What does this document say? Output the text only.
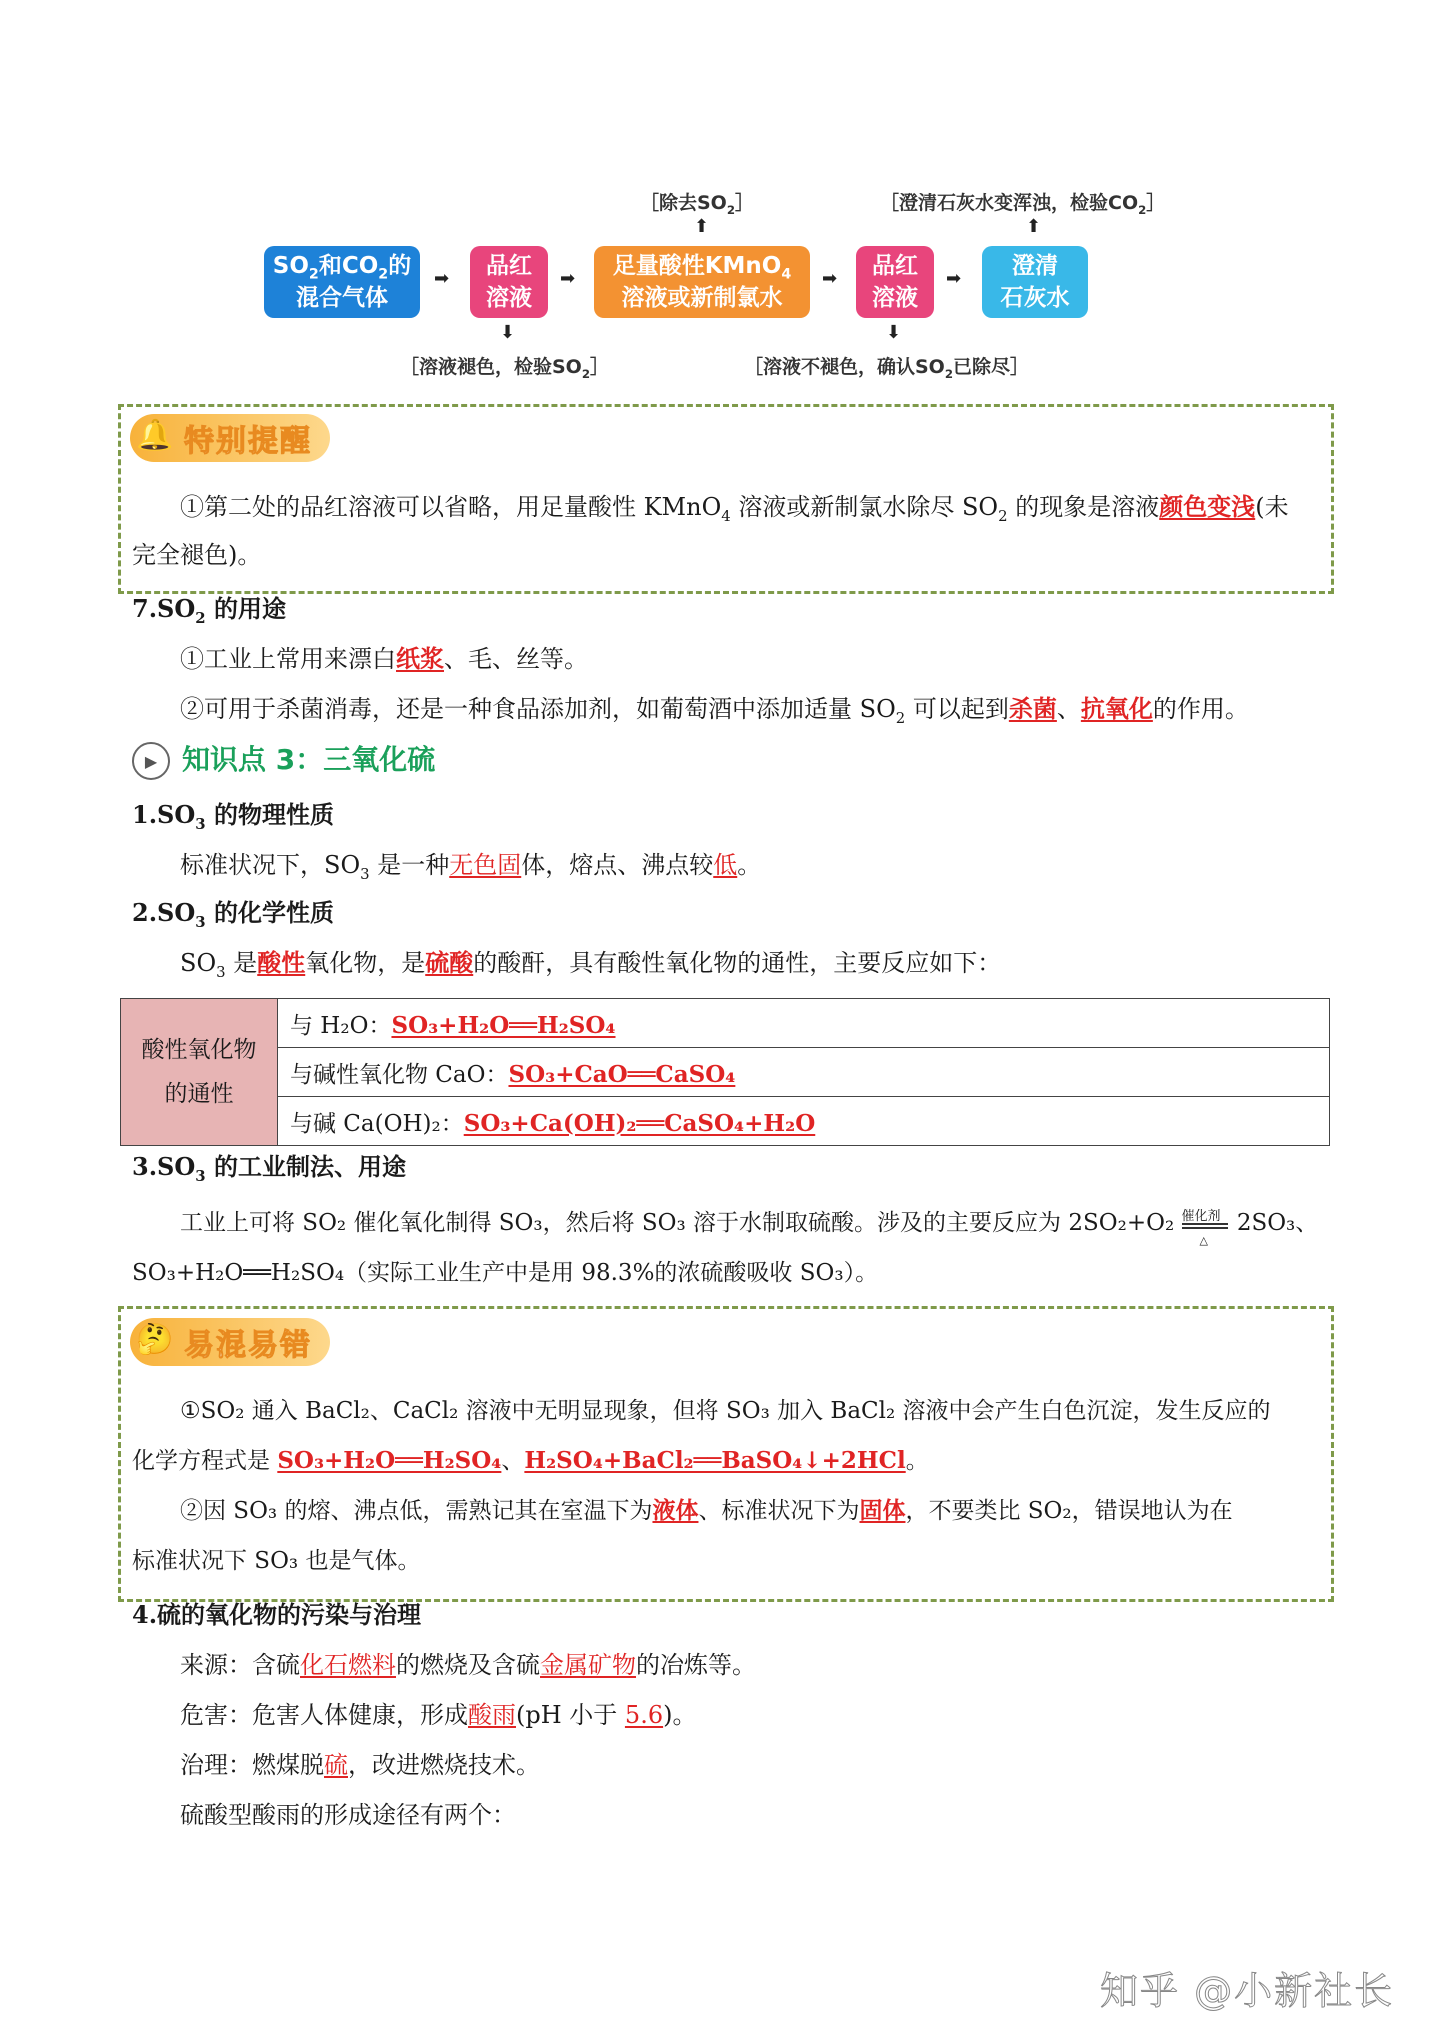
［除去$SO_2]$	［澄清石灰水变浑浊，检验$CO_2]$
⬆	⬆
$SO_2$和$CO_2$的
混合气体
➡ 品红
溶液
➡ 足量酸性KMnO$_4$
溶液或新制氯水
➡ 品红
溶液
➡	澄清
石灰水
⬇	⬇
［溶液褪色，检验$SO_2]$	［溶液不褪色，确认$SO_2$已除尽］
🔔 特别提醒
①第二处的品红溶液可以省略，用足量酸性 KMnO$_4$ 溶液或新制氯水除尽 $SO_2$ 的现象是溶液颜色变浅(未
完全褪色)。
$7.SO_2$ 的用途
①工业上常用来漂白纸浆、毛、丝等。
②可用于杀菌消毒，还是一种食品添加剂，如葡萄酒中添加适量 $SO_2$ 可以起到杀菌、抗氧化的作用。
▶ 知识点 3：三氧化硫
$1.SO_3$ 的物理性质
标准状况下，$SO_3$ 是一种无色固体，熔点、沸点较低。
$2.SO_3$ 的化学性质
$SO_3$ 是酸性氧化物，是硫酸的酸酐，具有酸性氧化物的通性，主要反应如下：
酸性氧化物的通性	与 H₂O：SO₃+H₂O══H₂SO₄
与碱性氧化物 CaO：SO₃+CaO══CaSO₄
与碱 Ca(OH)₂：SO₃+Ca(OH)₂══CaSO₄+H₂O
$3.SO_3$ 的工业制法、用途
工业上可将 SO₂ 催化氧化制得 SO₃，然后将 SO₃ 溶于水制取硫酸。涉及的主要反应为 2SO₂+O₂ 催化剂
△
2SO₃、
SO₃+H₂O══H₂SO₄（实际工业生产中是用 98.3%的浓硫酸吸收 SO₃）。
🤔 易混易错
①SO₂ 通入 BaCl₂、CaCl₂ 溶液中无明显现象，但将 SO₃ 加入 BaCl₂ 溶液中会产生白色沉淀，发生反应的
化学方程式是 SO₃+H₂O══H₂SO₄、H₂SO₄+BaCl₂══BaSO₄↓+2HCl。
②因 SO₃ 的熔、沸点低，需熟记其在室温下为液体、标准状况下为固体，不要类比 SO₂，错误地认为在
标准状况下 SO₃ 也是气体。
4.硫的氧化物的污染与治理
来源：含硫化石燃料的燃烧及含硫金属矿物的冶炼等。
危害：危害人体健康，形成酸雨(pH 小于 5.6)。
治理：燃煤脱硫，改进燃烧技术。
硫酸型酸雨的形成途径有两个：
知乎 @小新社长
